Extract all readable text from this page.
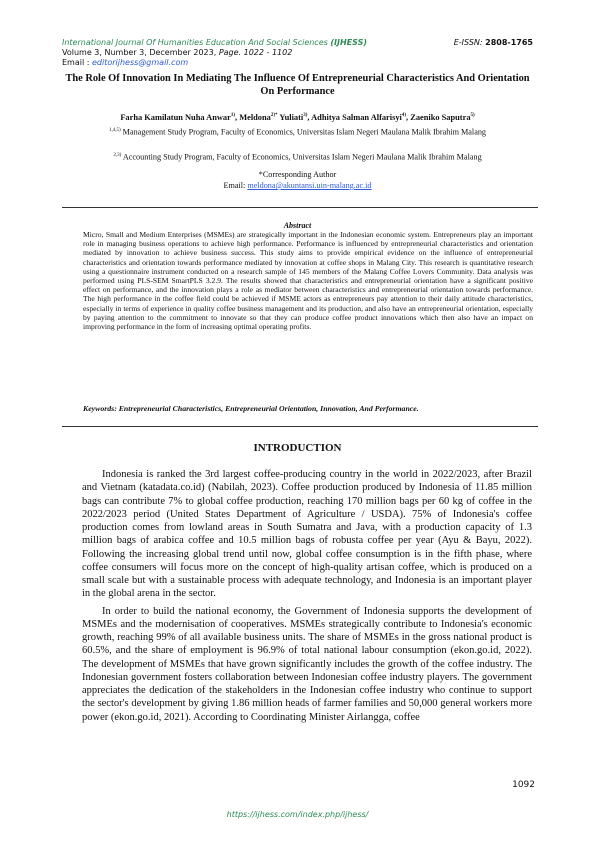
International Journal Of Humanities Education And Social Sciences (IJHESS)	E-ISSN: 2808-1765
Volume 3, Number 3, December 2023, Page. 1022 - 1102
Email : editorijhess@gmail.com
The Role Of Innovation In Mediating The Influence Of Entrepreneurial Characteristics And Orientation On Performance
Farha Kamilatun Nuha Anwar$^{1)}$, Meldona$^{2)*}$ Yuliati$^{3)}$, Adhitya Salman Alfarisyi$^{4)}$, Zaeniko Saputra$^{5)}$
$^{1,4,5)}$ Management Study Program, Faculty of Economics, Universitas Islam Negeri Maulana Malik Ibrahim Malang
$^{2,3)}$ Accounting Study Program, Faculty of Economics, Universitas Islam Negeri Maulana Malik Ibrahim Malang
*Corresponding Author
Email: meldona@akuntansi.uin-malang.ac.id
Abstract
Micro, Small and Medium Enterprises (MSMEs) are strategically important in the Indonesian economic system. Entrepreneurs play an important role in managing business operations to achieve high performance. Performance is influenced by entrepreneurial characteristics and orientation mediated by innovation to achieve business success. This study aims to provide empirical evidence on the influence of entrepreneurial characteristics and orientation towards performance mediated by innovation at coffee shops in Malang City. This research is quantitative research using a questionnaire instrument conducted on a research sample of 145 members of the Malang Coffee Lovers Community. Data analysis was performed using PLS-SEM SmartPLS 3.2.9. The results showed that characteristics and entrepreneurial orientation have a significant positive effect on performance, and the innovation plays a role as mediator between characteristics and entrepreneurial orientation towards performance. The high performance in the coffee field could be achieved if MSME actors as entrepreneurs pay attention to their daily attitude characteristics, especially in terms of experience in quality coffee business management and its production, and also have an entrepreneurial orientation, especially by paying attention to the commitment to innovate so that they can produce coffee product innovations which then also have an impact on improving performance in the form of increasing optimal operating profits.
Keywords: Entrepreneurial Characteristics, Entrepreneurial Orientation, Innovation, And Performance.
INTRODUCTION

Indonesia is ranked the 3rd largest coffee-producing country in the world in 2022/2023, after Brazil and Vietnam (katadata.co.id) (Nabilah, 2023). Coffee production produced by Indonesia of 11.85 million bags can contribute 7% to global coffee production, reaching 170 million bags per 60 kg of coffee in the 2022/2023 period (United States Department of Agriculture / USDA). 75% of Indonesia's coffee production comes from lowland areas in South Sumatra and Java, with a production capacity of 1.3 million bags of arabica coffee and 10.5 million bags of robusta coffee per year (Ayu & Bayu, 2022). Following the increasing global trend until now, global coffee consumption is in the fifth phase, where coffee consumers will focus more on the concept of high-quality artisan coffee, which is produced on a small scale but with a sustainable process with adequate technology, and Indonesia is an important player in the global arena in the sector.

In order to build the national economy, the Government of Indonesia supports the development of MSMEs and the modernisation of cooperatives. MSMEs strategically contribute to Indonesia's economic growth, reaching 99% of all available business units. The share of MSMEs in the gross national product is 60.5%, and the share of employment is 96.9% of total national labour consumption (ekon.go.id, 2022). The development of MSMEs that have grown significantly includes the growth of the coffee industry. The Indonesian government fosters collaboration between Indonesian coffee industry players. The government appreciates the dedication of the stakeholders in the Indonesian coffee industry who continue to support the sector's development by giving 1.86 million heads of farmer families and 50,000 general workers more power (ekon.go.id, 2021). According to Coordinating Minister Airlangga, coffee

1092
https://ijhess.com/index.php/ijhess/
